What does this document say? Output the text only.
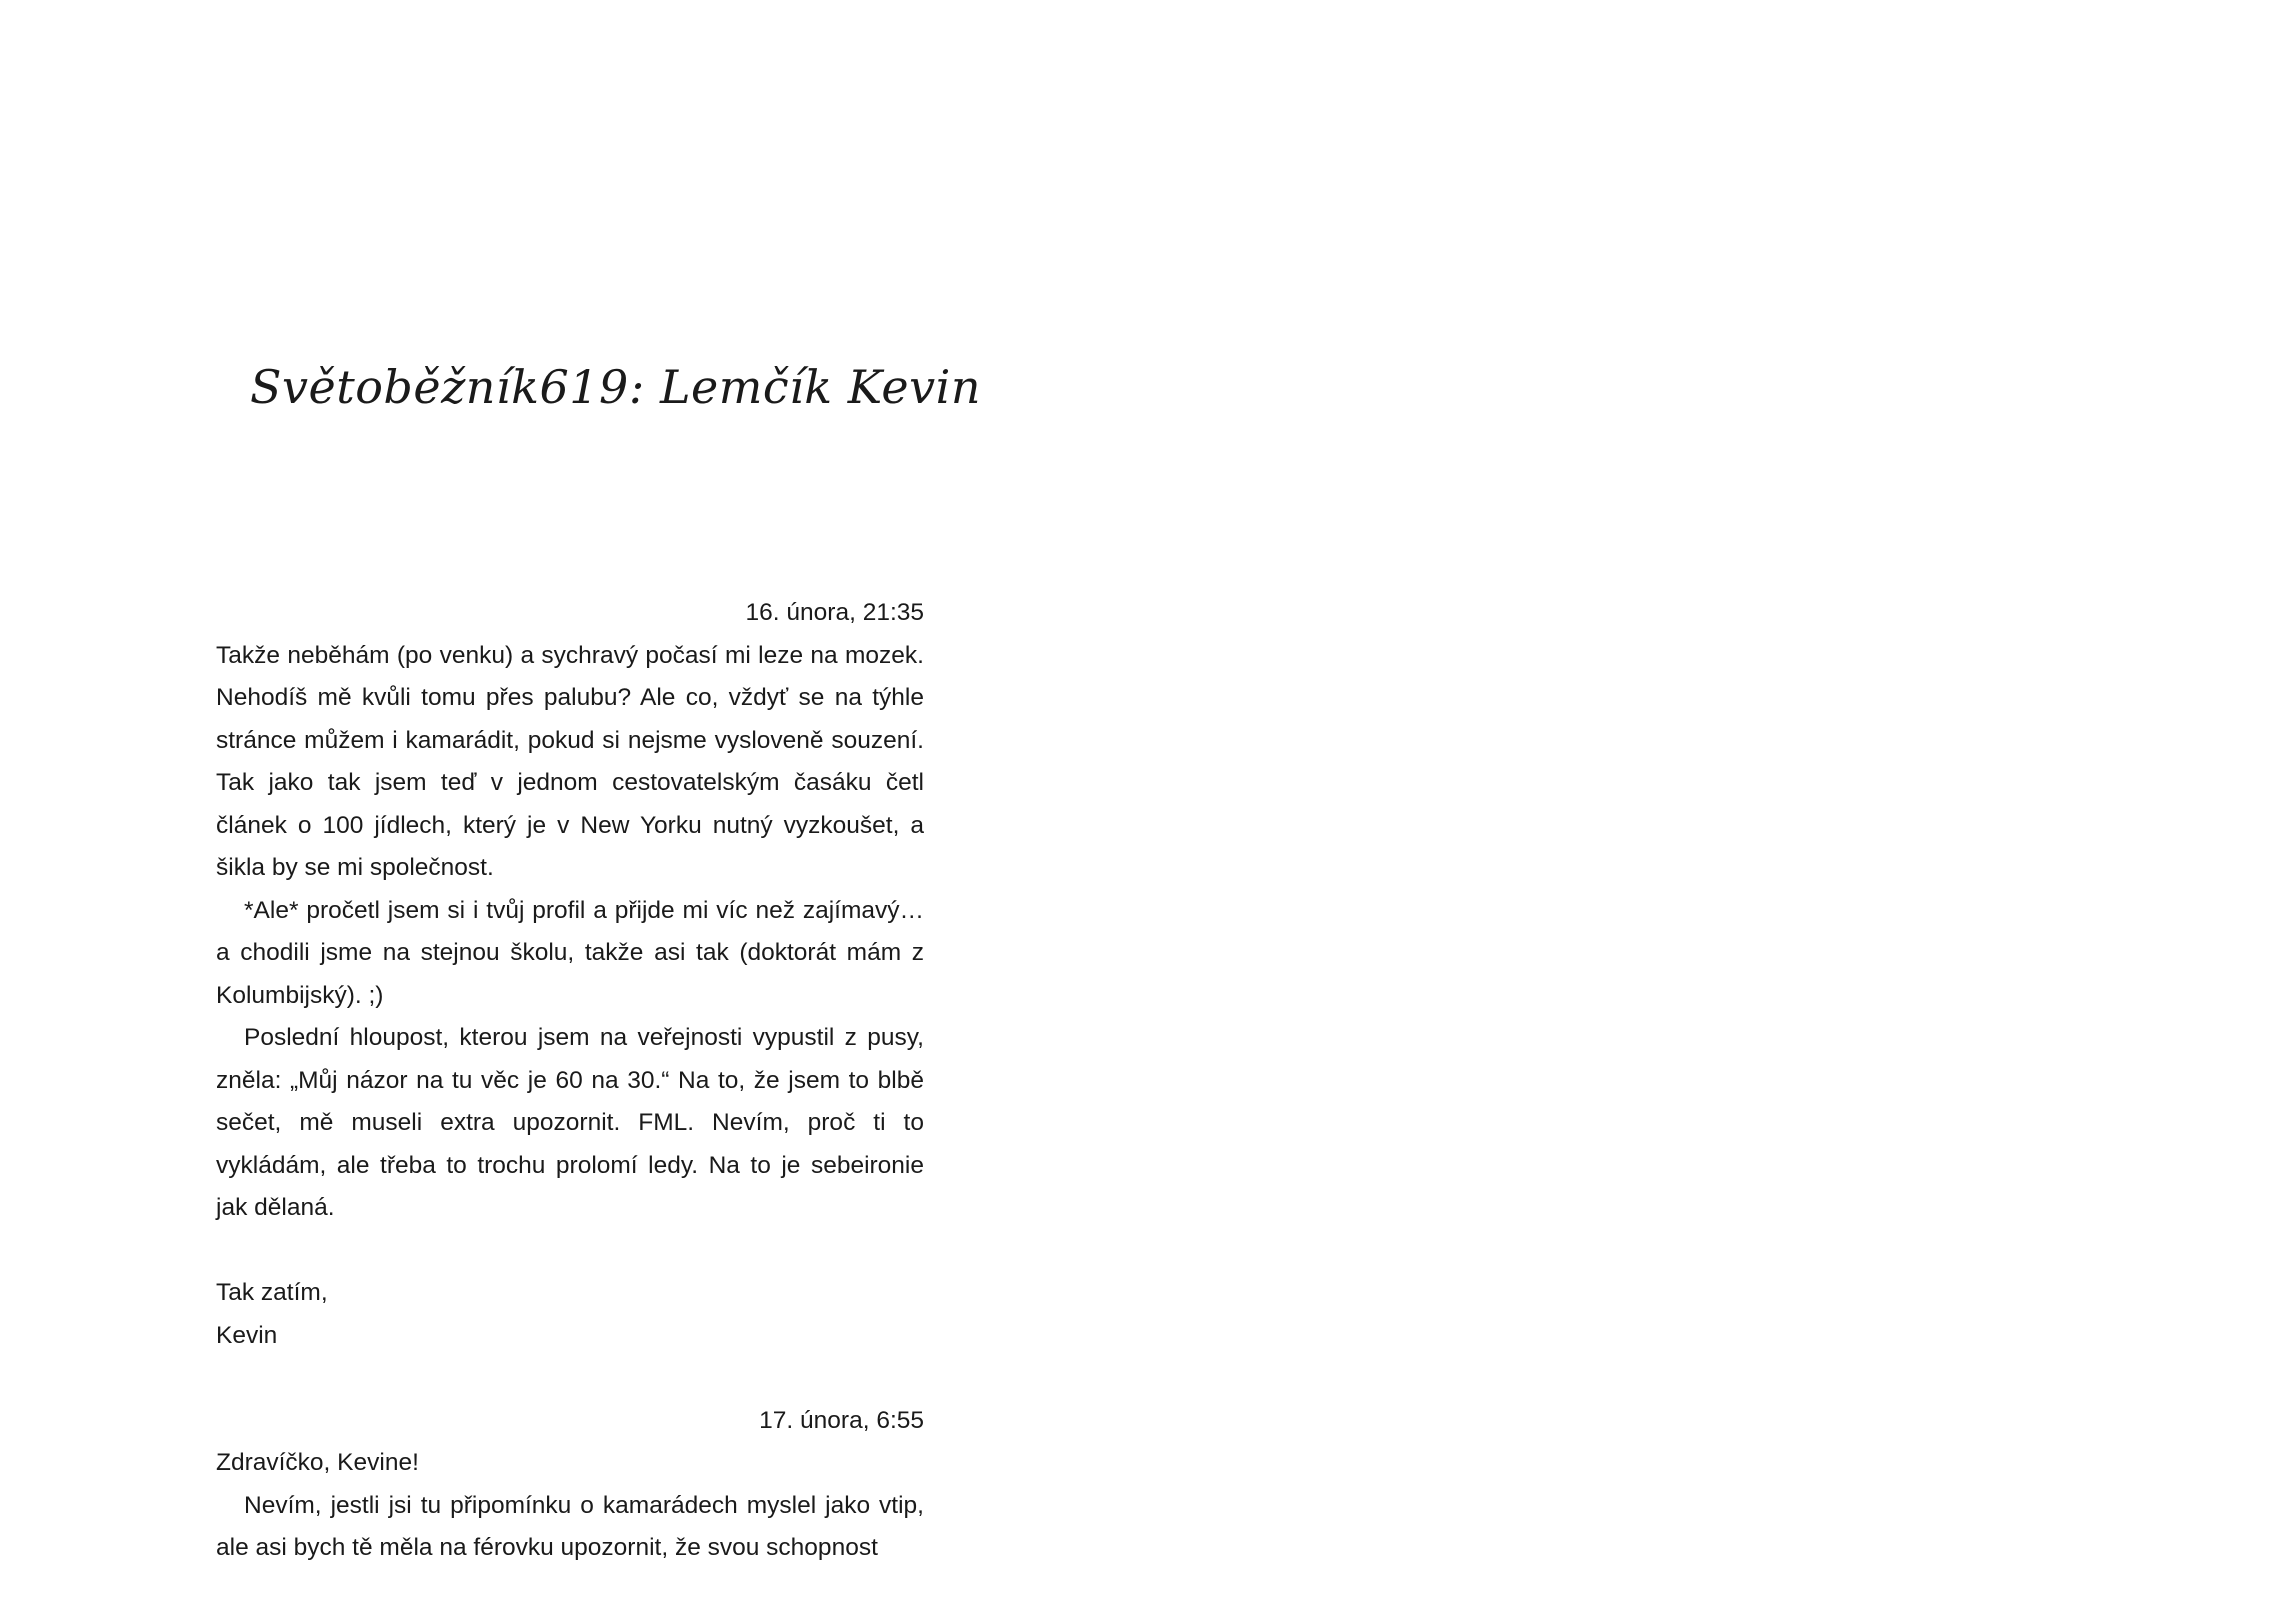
Světoběžník619: Lemčík Kevin

16. února, 21:35

Takže neběhám (po venku) a sychravý počasí mi leze na mozek. Nehodíš mě kvůli tomu přes palubu? Ale co, vždyť se na týhle stránce můžem i kamarádit, pokud si nejsme vysloveně souzení. Tak jako tak jsem teď v jednom cestovatelským časáku četl článek o 100 jídlech, který je v New Yorku nutný vyzkoušet, a šikla by se mi společnost.

*Ale* pročetl jsem si i tvůj profil a přijde mi víc než zajímavý… a chodili jsme na stejnou školu, takže asi tak (doktorát mám z Kolumbijský). ;)

Poslední hloupost, kterou jsem na veřejnosti vypustil z pusy, zněla: „Můj názor na tu věc je 60 na 30.“ Na to, že jsem to blbě sečet, mě museli extra upozornit. FML. Nevím, proč ti to vykládám, ale třeba to trochu prolomí ledy. Na to je sebeironie jak dělaná.

Tak zatím,

Kevin

17. února, 6:55

Zdravíčko, Kevine!

Nevím, jestli jsi tu připomínku o kamarádech myslel jako vtip, ale asi bych tě měla na férovku upozornit, že svou schopnost
